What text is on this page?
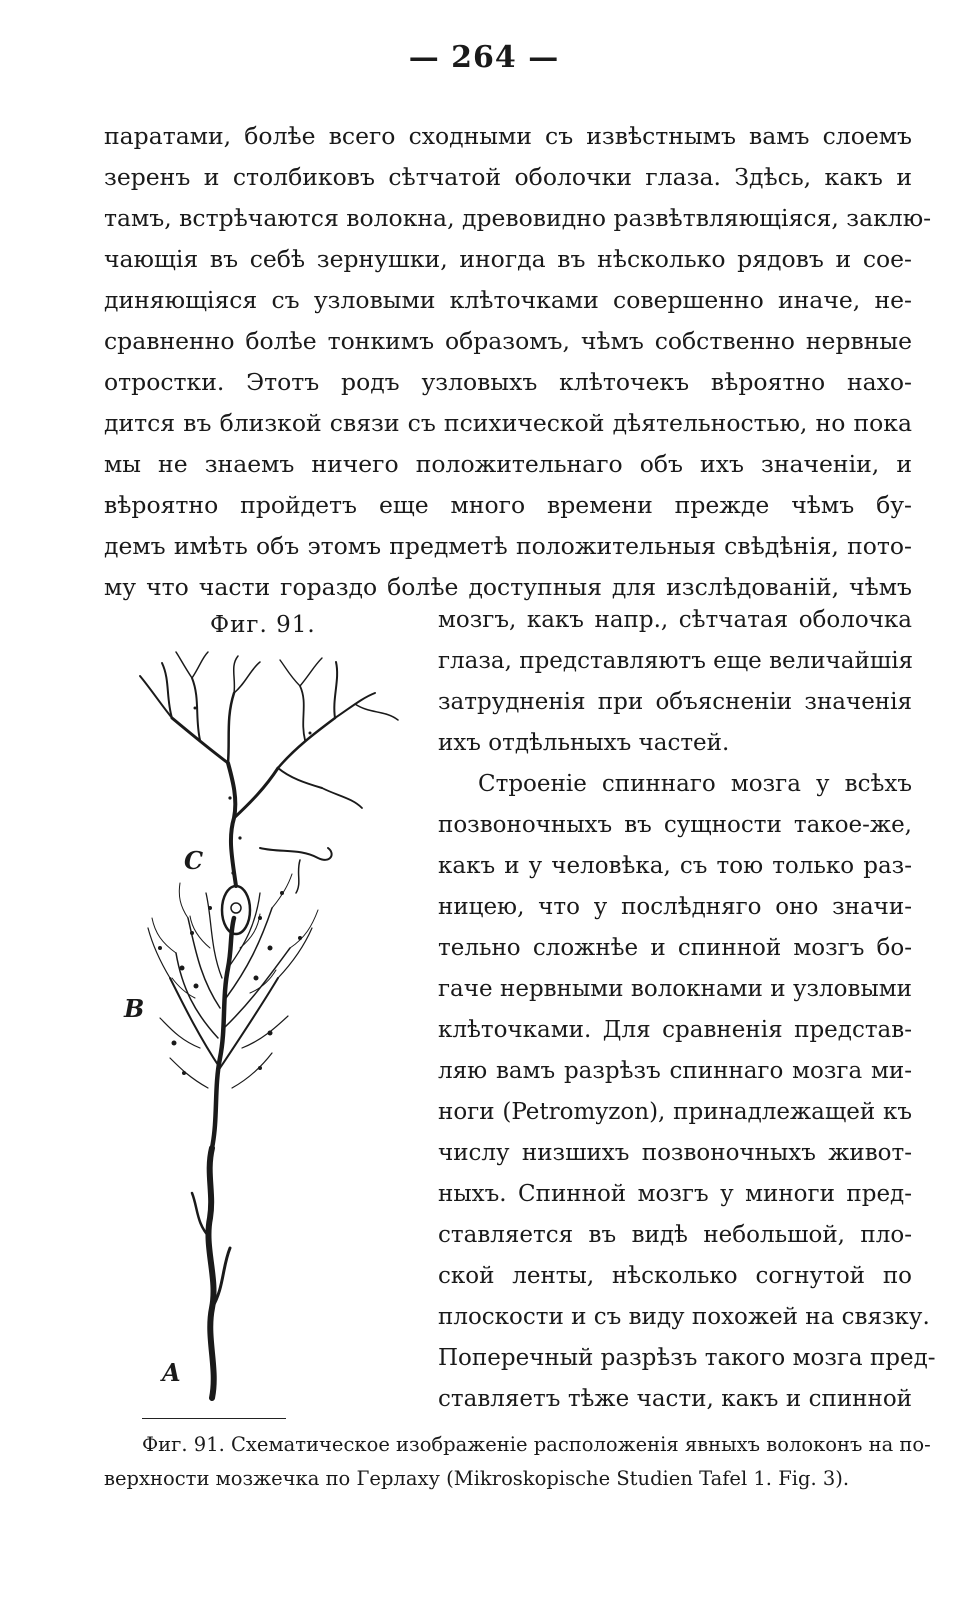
— 264 —
паратами, болѣе всего сходными съ извѣстнымъ вамъ слоемъ
зеренъ и столбиковъ сѣтчатой оболочки глаза. Здѣсь, какъ и
тамъ, встрѣчаются волокна, древовидно развѣтвляющіяся, заклю-
чающія въ себѣ зернушки, иногда въ нѣсколько рядовъ и сое-
диняющіяся съ узловыми клѣточками совершенно иначе, не-
сравненно болѣе тонкимъ образомъ, чѣмъ собственно нервные
отростки. Этотъ родъ узловыхъ клѣточекъ вѣроятно нахо-
дится въ близкой связи съ психической дѣятельностью, но пока
мы не знаемъ ничего положительнаго объ ихъ значеніи, и
вѣроятно пройдетъ еще много времени прежде чѣмъ бу-
демъ имѣть объ этомъ предметѣ положительныя свѣдѣнія, пото-
му что части гораздо болѣе доступныя для изслѣдованій, чѣмъ
Фиг. 91.
C
B
A
мозгъ, какъ напр., сѣтчатая оболочка
глаза, представляютъ еще величайшія
затрудненія при объясненіи значенія
ихъ отдѣльныхъ частей.
Строеніе спиннаго мозга у всѣхъ
позвоночныхъ въ сущности такое-же,
какъ и у человѣка, съ тою только раз-
ницею, что у послѣдняго оно значи-
тельно сложнѣе и спинной мозгъ бо-
гаче нервными волокнами и узловыми
клѣточками. Для сравненія представ-
ляю вамъ разрѣзъ спиннаго мозга ми-
ноги (Petromyzon), принадлежащей къ
числу низшихъ позвоночныхъ живот-
ныхъ. Спинной мозгъ у миноги пред-
ставляется въ видѣ небольшой, пло-
ской ленты, нѣсколько согнутой по
плоскости и съ виду похожей на связку.
Поперечный разрѣзъ такого мозга пред-
ставляетъ тѣже части, какъ и спинной
Фиг. 91. Схематическое изображеніе расположенія явныхъ волоконъ на по-
верхности мозжечка по Герлаху (Mikroskopische Studien Tafel 1. Fig. 3).
